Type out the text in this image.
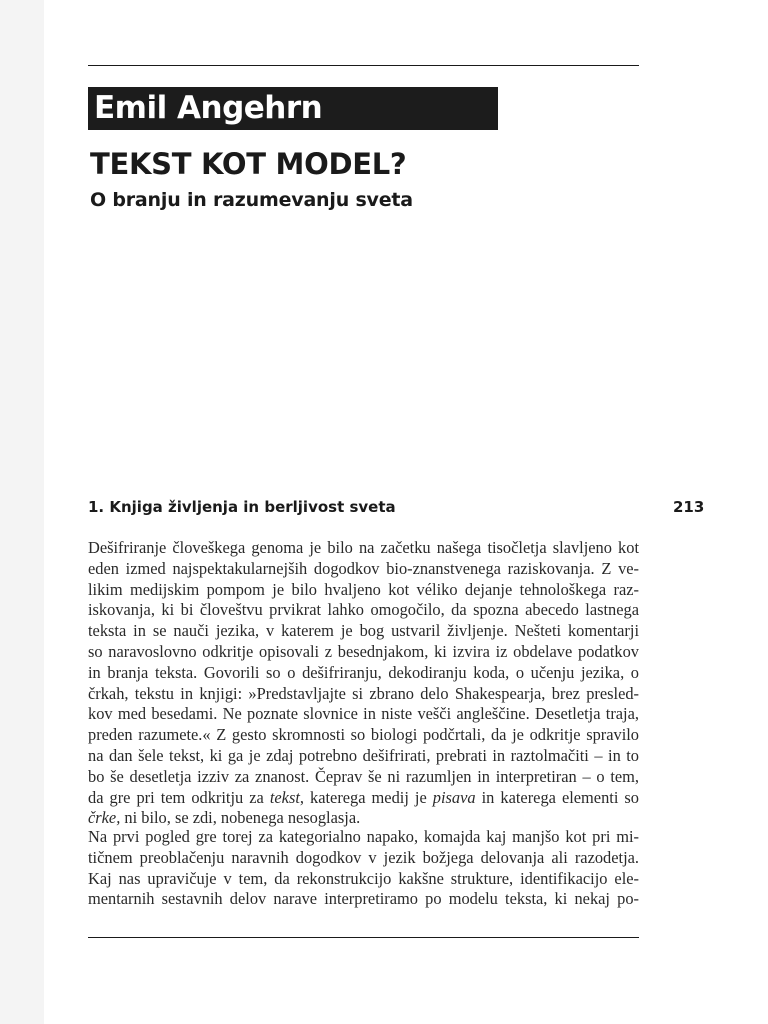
Emil Angehrn
TEKST KOT MODEL?
O branju in razumevanju sveta
1. Knjiga življenja in berljivost sveta	213
Dešifriranje človeškega genoma je bilo na začetku našega tisočletja slavljeno kot
eden izmed najspektakularnejših dogodkov bio-znanstvenega raziskovanja. Z ve-
likim medijskim pompom je bilo hvaljeno kot véliko dejanje tehnološkega raz-
iskovanja, ki bi človeštvu prvikrat lahko omogočilo, da spozna abecedo lastnega
teksta in se nauči jezika, v katerem je bog ustvaril življenje. Nešteti komentarji
so naravoslovno odkritje opisovali z besednjakom, ki izvira iz obdelave podatkov
in branja teksta. Govorili so o dešifriranju, dekodiranju koda, o učenju jezika, o
črkah, tekstu in knjigi: »Predstavljajte si zbrano delo Shakespearja, brez presled-
kov med besedami. Ne poznate slovnice in niste vešči angleščine. Desetletja traja,
preden razumete.« Z gesto skromnosti so biologi podčrtali, da je odkritje spravilo
na dan šele tekst, ki ga je zdaj potrebno dešifrirati, prebrati in raztolmačiti – in to
bo še desetletja izziv za znanost. Čeprav še ni razumljen in interpretiran – o tem,
da gre pri tem odkritju za tekst, katerega medij je pisava in katerega elementi so
črke, ni bilo, se zdi, nobenega nesoglasja.
Na prvi pogled gre torej za kategorialno napako, komajda kaj manjšo kot pri mi-
tičnem preoblačenju naravnih dogodkov v jezik božjega delovanja ali razodetja.
Kaj nas upravičuje v tem, da rekonstrukcijo kakšne strukture, identifikacijo ele-
mentarnih sestavnih delov narave interpretiramo po modelu teksta, ki nekaj po-
